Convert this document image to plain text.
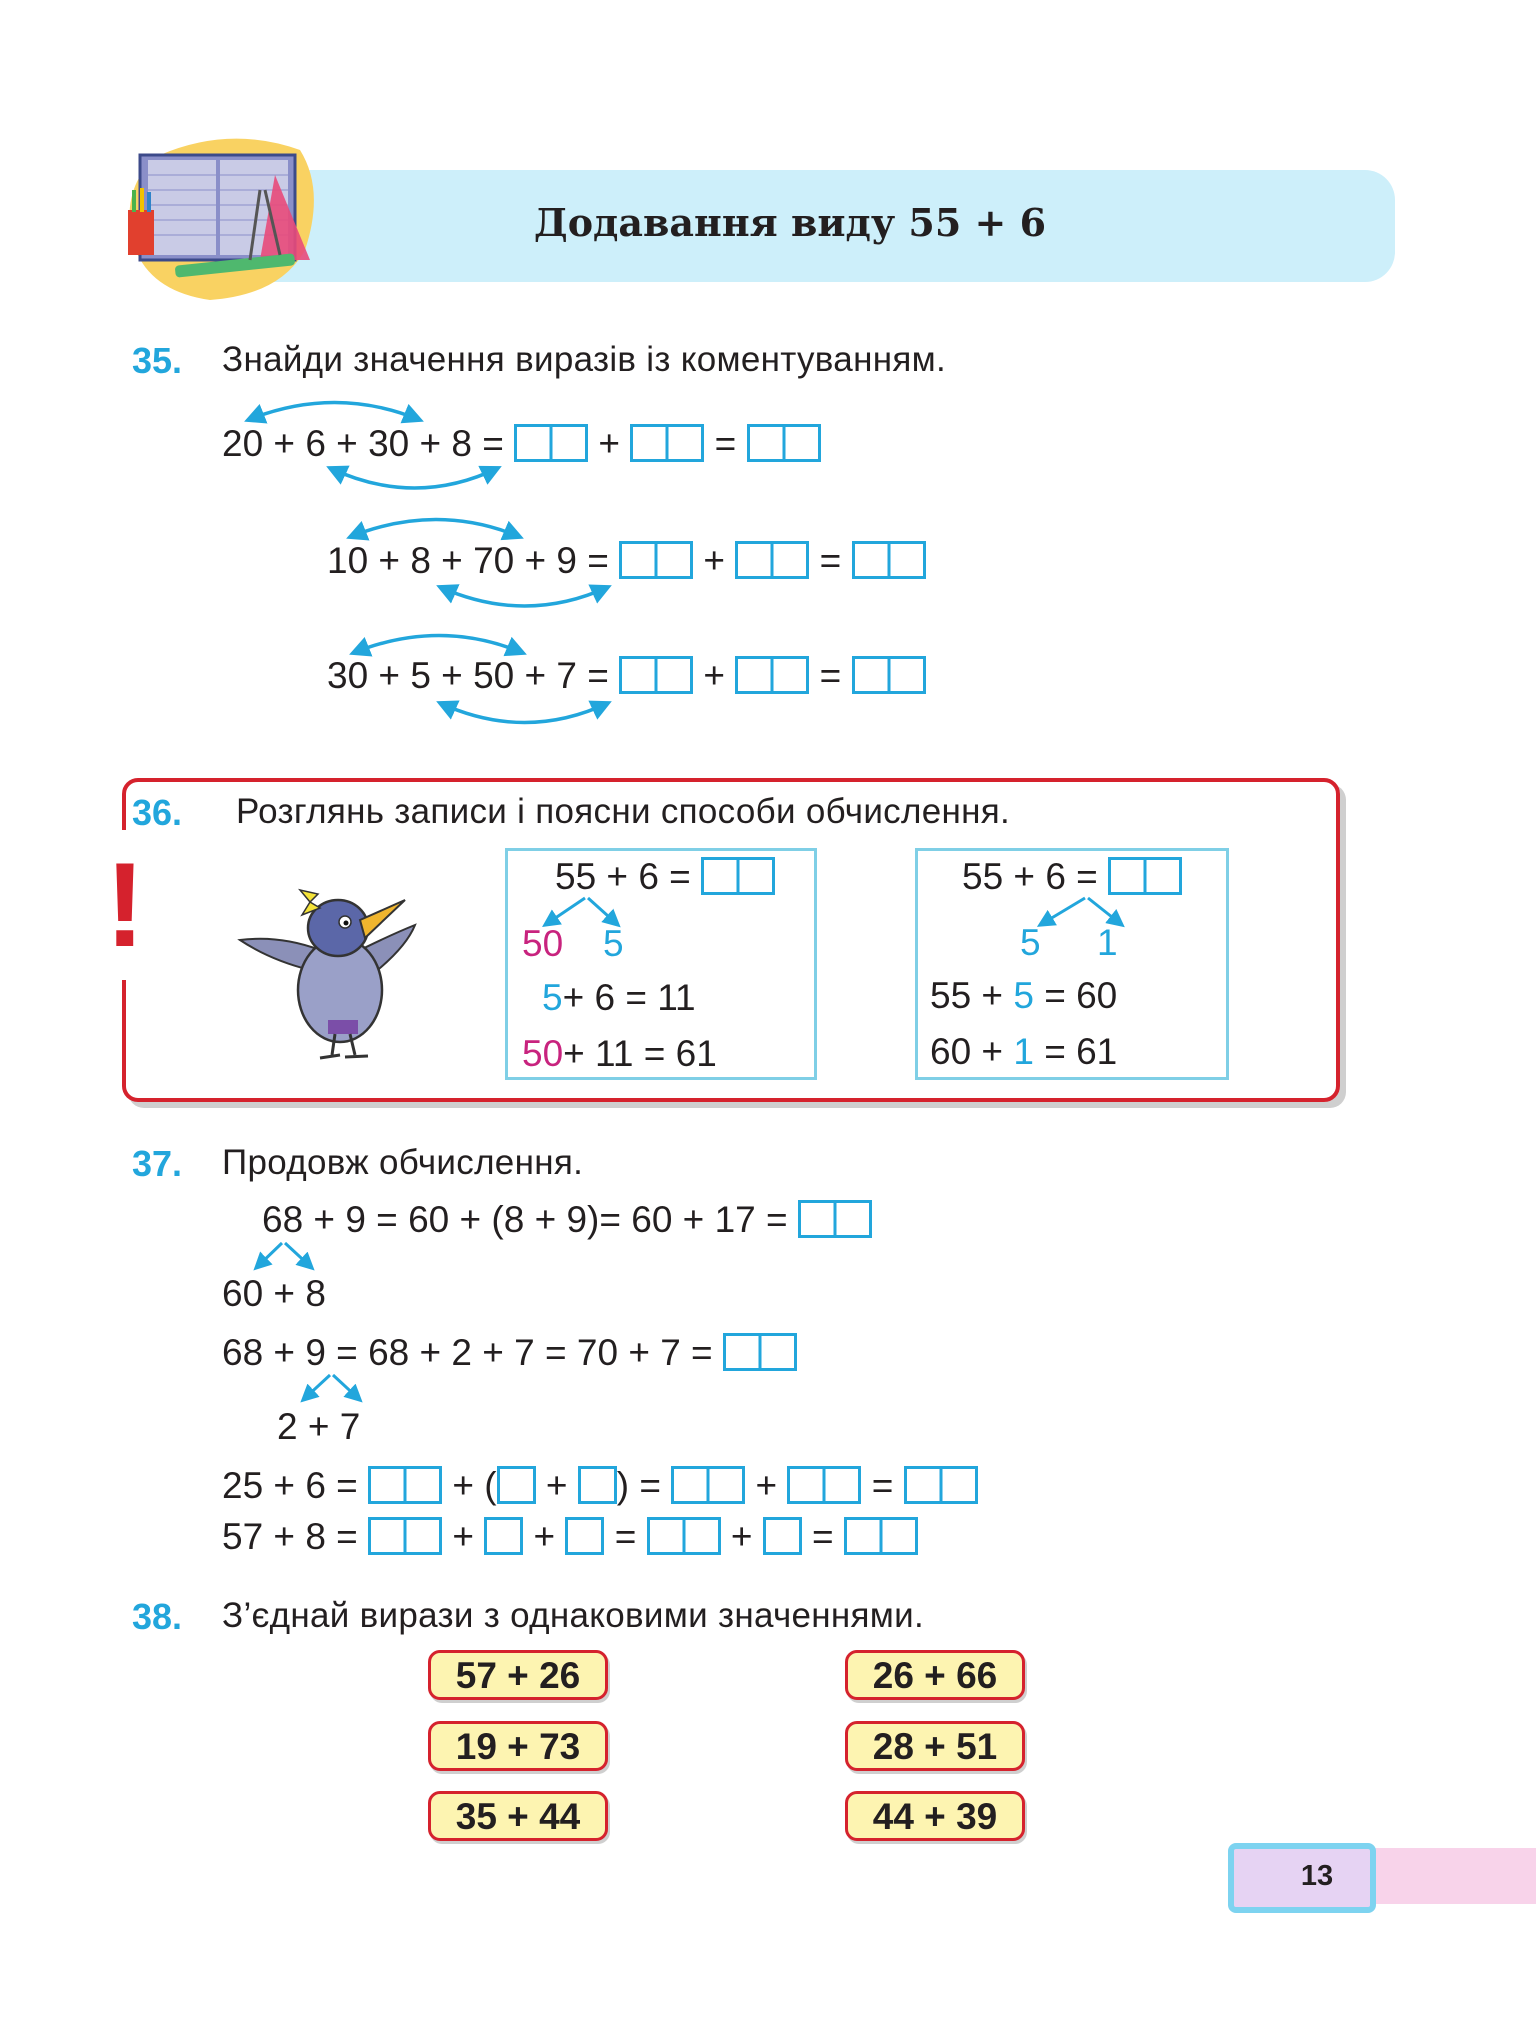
Додавання виду 55 + 6
35. Знайди значення виразів із коментуванням.
20 + 6 + 30 + 8 =  +  =
10 + 8 + 70 + 9 =  +  =
30 + 5 + 50 + 7 =  +  =
!
36. Розглянь записи і поясни способи обчислення.
55 + 6 =
50 5
5+ 6 = 11
50+ 11 = 61
55 + 6 =
5 1
55 + 5 = 60
60 + 1 = 61
37. Продовж обчислення.
68 + 9 = 60 + (8 + 9)= 60 + 17 =
60 + 8
68 + 9 = 68 + 2 + 7 = 70 + 7 =
2 + 7
25 + 6 =  + ( + ) =  +  =
57 + 8 =  +  +  =  +  =
38. З’єднай вирази з однаковими значеннями.
57 + 26
19 + 73
35 + 44
26 + 66
28 + 51
44 + 39
13
